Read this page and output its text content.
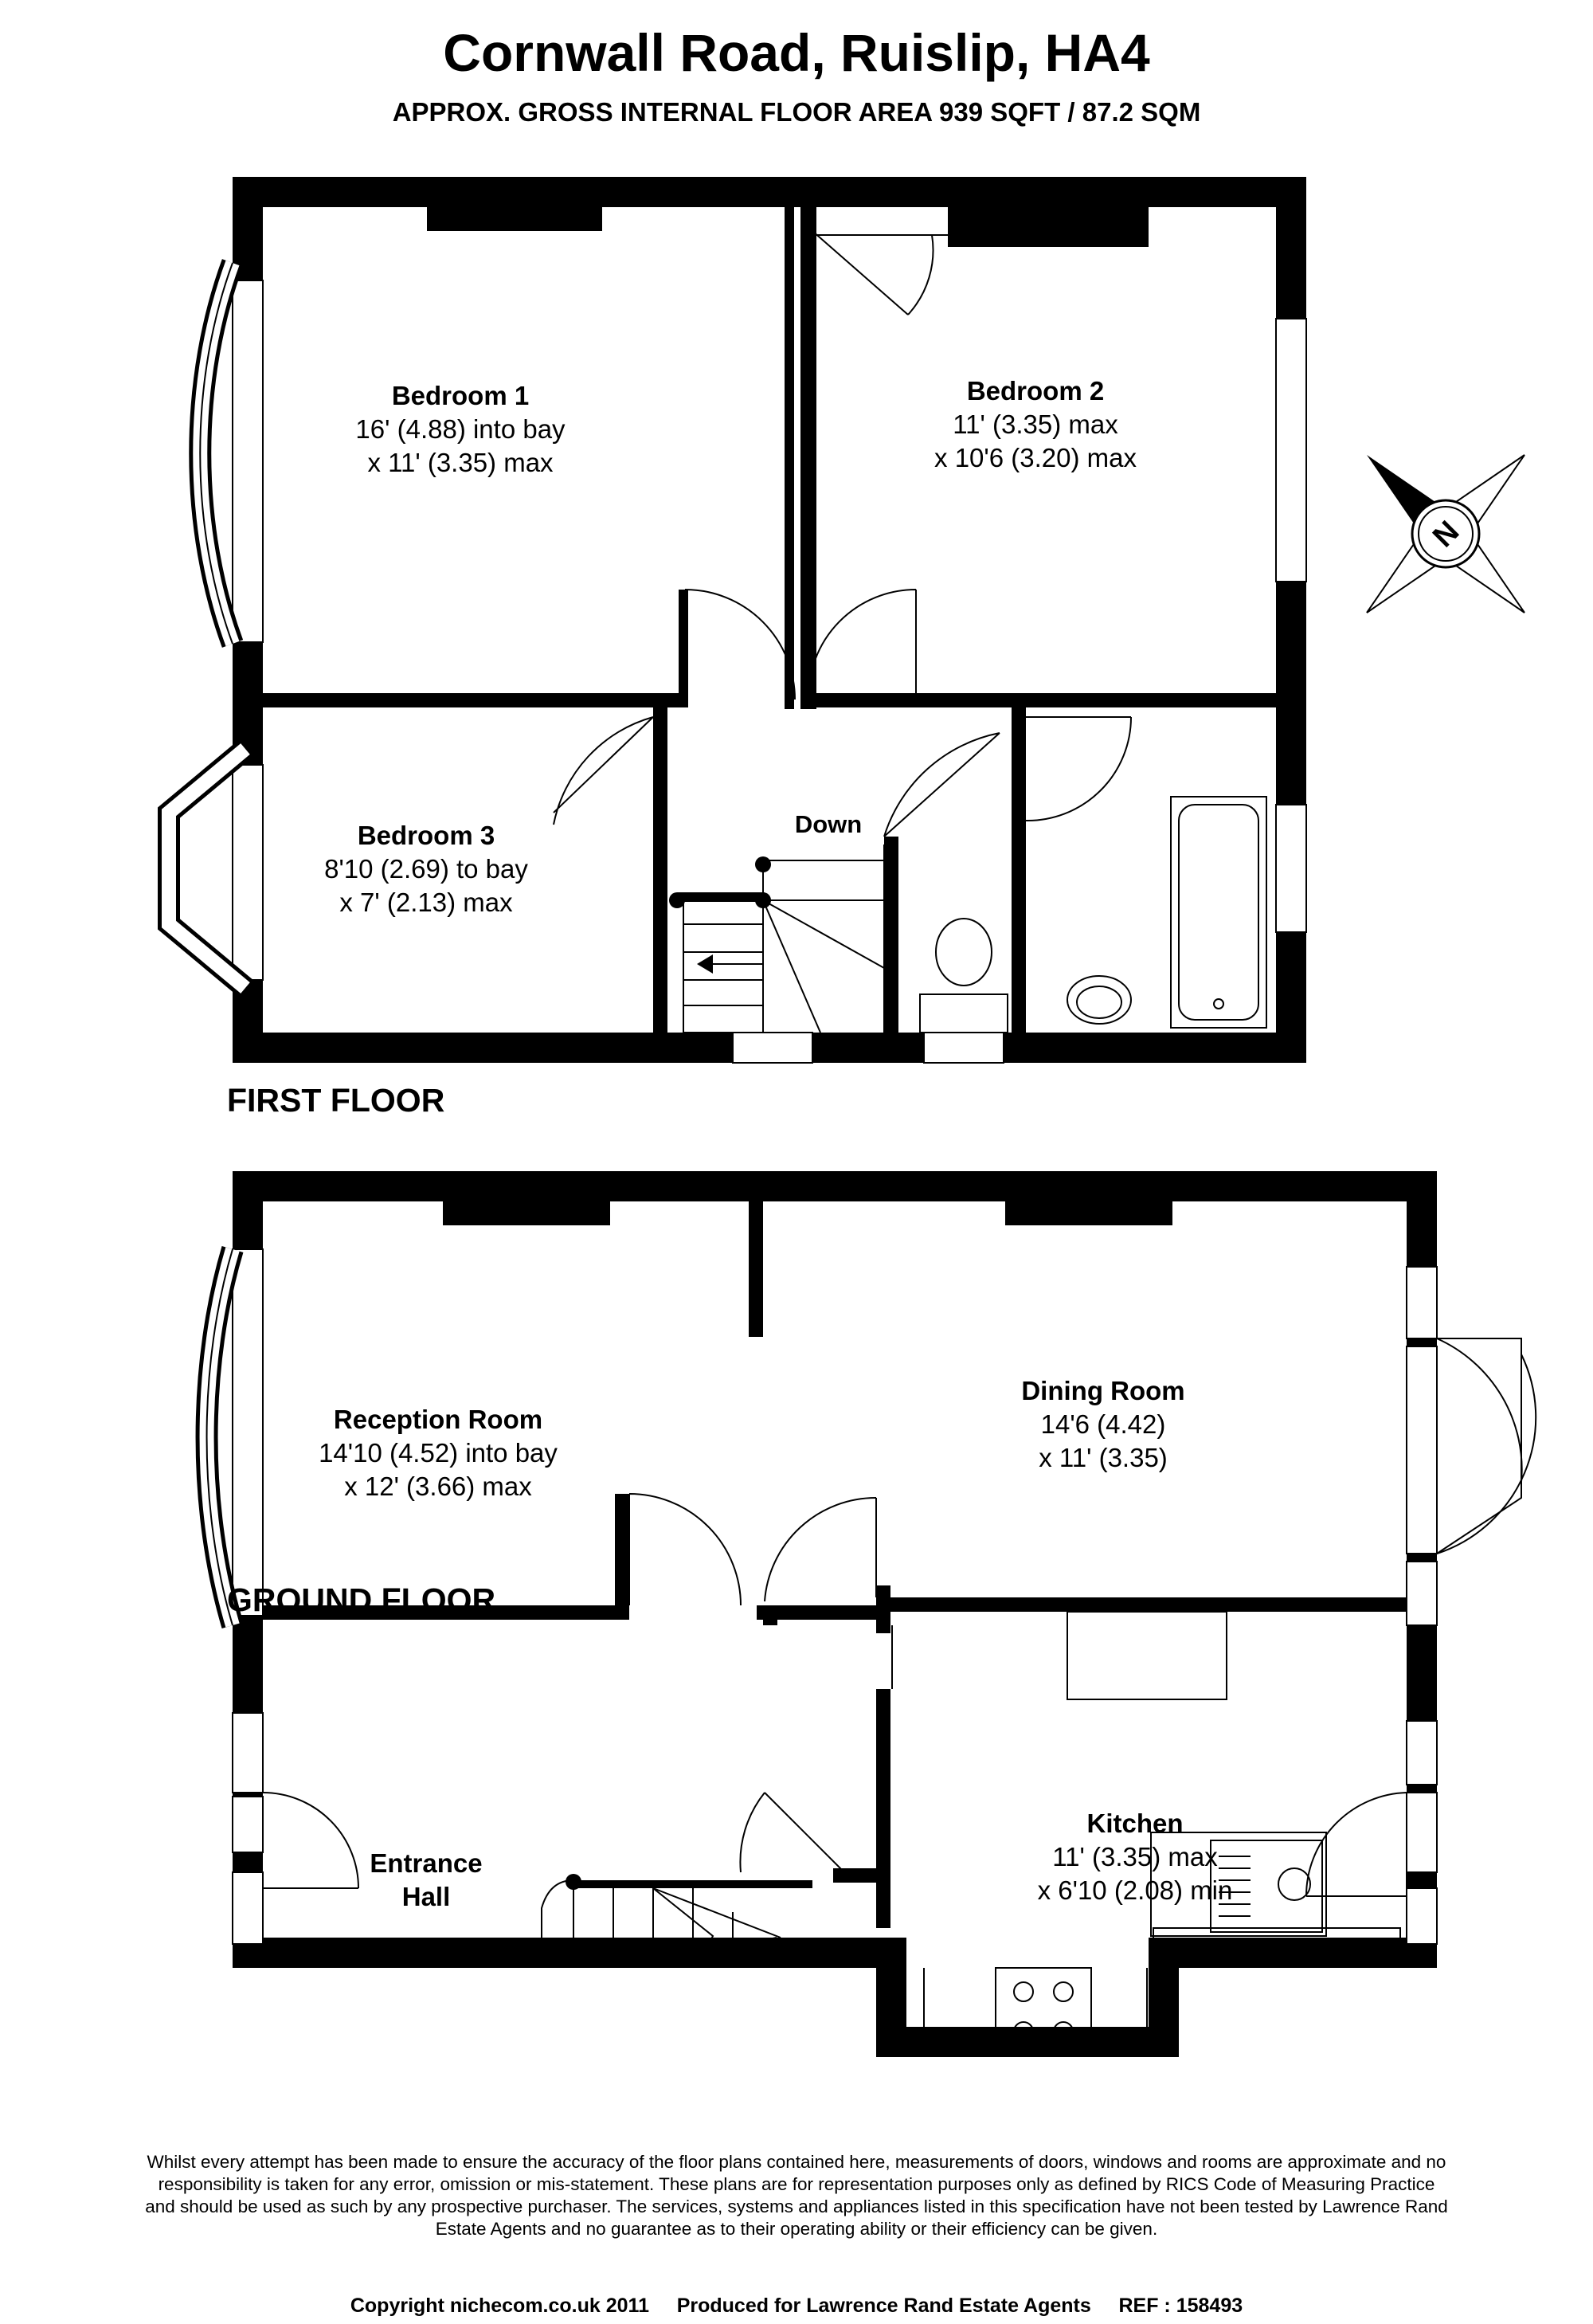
Cornwall Road, Ruislip, HA4
APPROX. GROSS INTERNAL FLOOR AREA 939 SQFT / 87.2 SQM
N
Bedroom 1
16' (4.88) into bay
x 11' (3.35) max
Bedroom 2
11' (3.35) max
x 10'6 (3.20) max
Bedroom 3
8'10 (2.69) to bay
x 7' (2.13) max
Down
Reception Room
14'10 (4.52) into bay
x 12' (3.66) max
Dining Room
14'6 (4.42)
x 11' (3.35)
Entrance
Hall
Kitchen
11' (3.35) max
x 6'10 (2.08) min
Up
FIRST FLOOR
GROUND FLOOR
Whilst every attempt has been made to ensure the accuracy of the floor plans contained here, measurements of doors, windows and rooms are approximate and no responsibility is taken for any error, omission or mis-statement. These plans are for representation purposes only as defined by RICS Code of Measuring Practice and should be used as such by any prospective purchaser. The services, systems and appliances listed in this specification have not been tested by Lawrence Rand Estate Agents and no guarantee as to their operating ability or their efficiency can be given.
Copyright nichecom.co.uk 2011 Produced for Lawrence Rand Estate Agents REF : 158493
